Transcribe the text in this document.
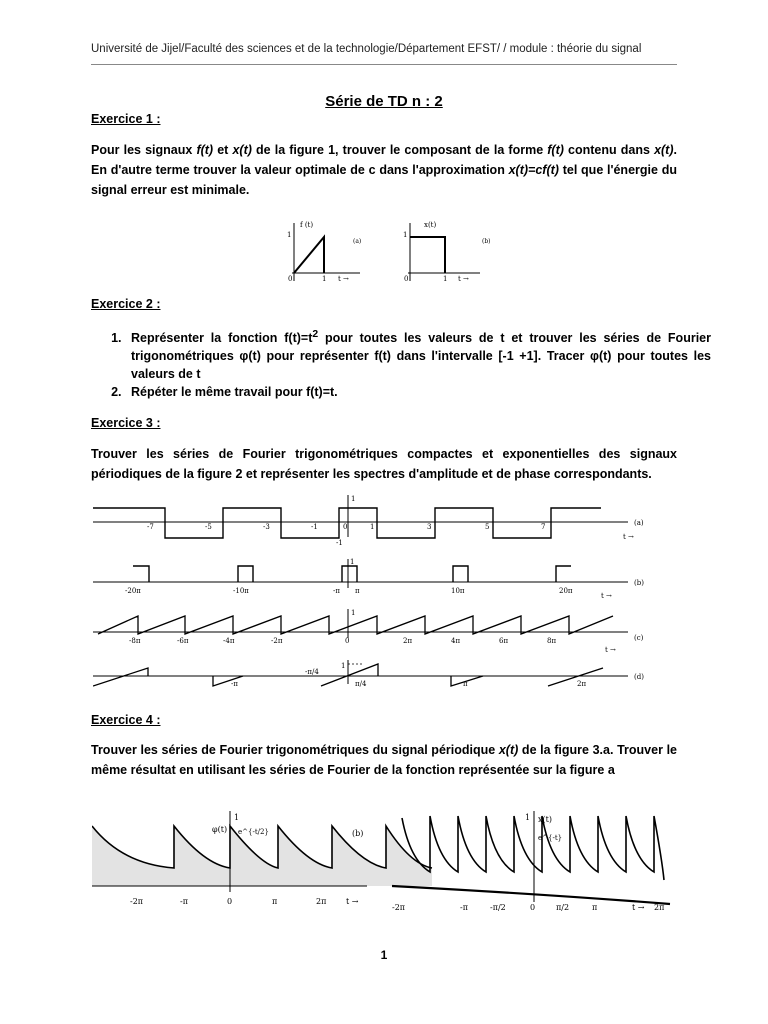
Université de Jijel/Faculté des sciences et de la technologie/Département EFST/ / module : théorie du signal
Série de TD n : 2
Exercice 1 :
Pour les signaux f(t) et x(t) de la figure 1, trouver le composant de la forme f(t) contenu dans x(t). En d'autre terme trouver la valeur optimale de c dans l'approximation x(t)=cf(t) tel que l'énergie du signal erreur est minimale.
f (t)
1
0	1 t →
(a)
x(t)
1
0	1 t →
(b)
Exercice 2 :
1. Représenter la fonction $f(t)=t^2$ pour toutes les valeurs de t et trouver les séries de Fourier trigonométriques φ(t) pour représenter f(t) dans l'intervalle [-1 +1]. Tracer φ(t) pour toutes les valeurs de t
2. Répéter le même travail pour f(t)=t.
Exercice 3 :
Trouver les séries de Fourier trigonométriques compactes et exponentielles des signaux périodiques de la figure 2 et représenter les spectres d'amplitude et de phase correspondants.
-7	-5	-3	-1	0	1	3	5	7
1
-1
(a)
t →
-20π	-10π	-π π	10π	20π
1
(b)
t →
-8π	-6π	-4π	-2π	0	2π	4π	6π	8π
1
(c)
t →
-π
-π/4
π/4	π	2π
1
(d)
Exercice 4 :
Trouver les séries de Fourier trigonométriques du signal périodique x(t) de la figure 3.a. Trouver le même résultat en utilisant les séries de Fourier de la fonction représentée sur la figure a
-2π	-π	0	π	2π t →
φ(t)
1
e^{-t/2}	(b)
-2π	-π	-π/2	0	π/2	π	t → 2π
1 x(t)
e^{-t}
1
